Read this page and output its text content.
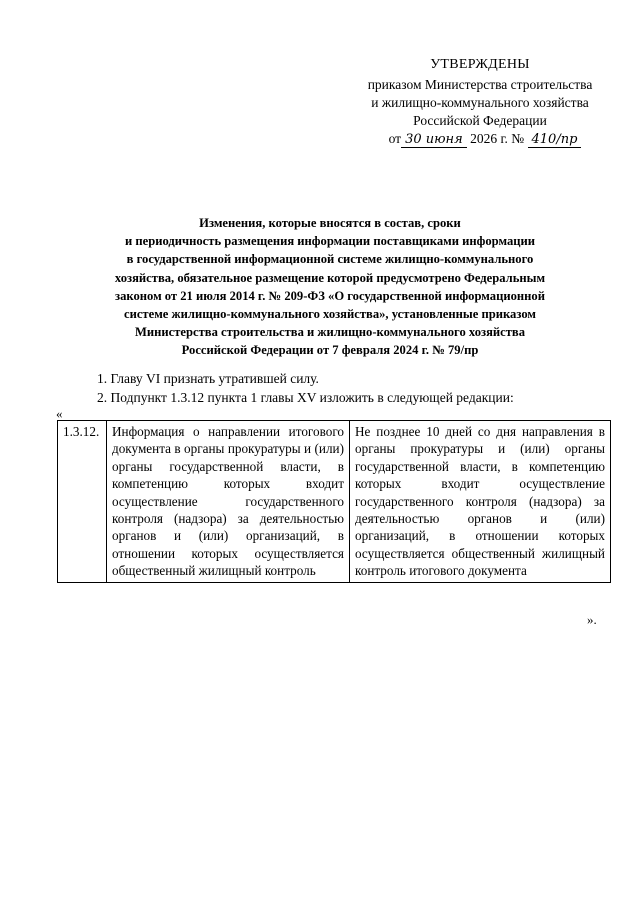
УТВЕРЖДЕНЫ
приказом Министерства строительства
и жилищно-коммунального хозяйства
Российской Федерации
от 30 июня 2026 г. № 410/пр
Изменения, которые вносятся в состав, сроки
и периодичность размещения информации поставщиками информации
в государственной информационной системе жилищно-коммунального
хозяйства, обязательное размещение которой предусмотрено Федеральным
законом от 21 июля 2014 г. № 209-ФЗ «О государственной информационной
системе жилищно-коммунального хозяйства», установленные приказом
Министерства строительства и жилищно-коммунального хозяйства
Российской Федерации от 7 февраля 2024 г. № 79/пр
1. Главу VI признать утратившей силу.
2. Подпункт 1.3.12 пункта 1 главы XV изложить в следующей редакции:
«
1.3.12.	Информация о направлении итогового документа в органы прокуратуры и (или) органы государственной власти, в компетенцию которых входит осуществление государственного контроля (надзора) за деятельностью органов и (или) организаций, в отношении которых осуществляется общественный жилищный контроль	Не позднее 10 дней со дня направления в органы прокуратуры и (или) органы государственной власти, в компетенцию которых входит осуществление государственного контроля (надзора) за деятельностью органов и (или) организаций, в отношении которых осуществляется общественный жилищный контроль итогового документа
».
